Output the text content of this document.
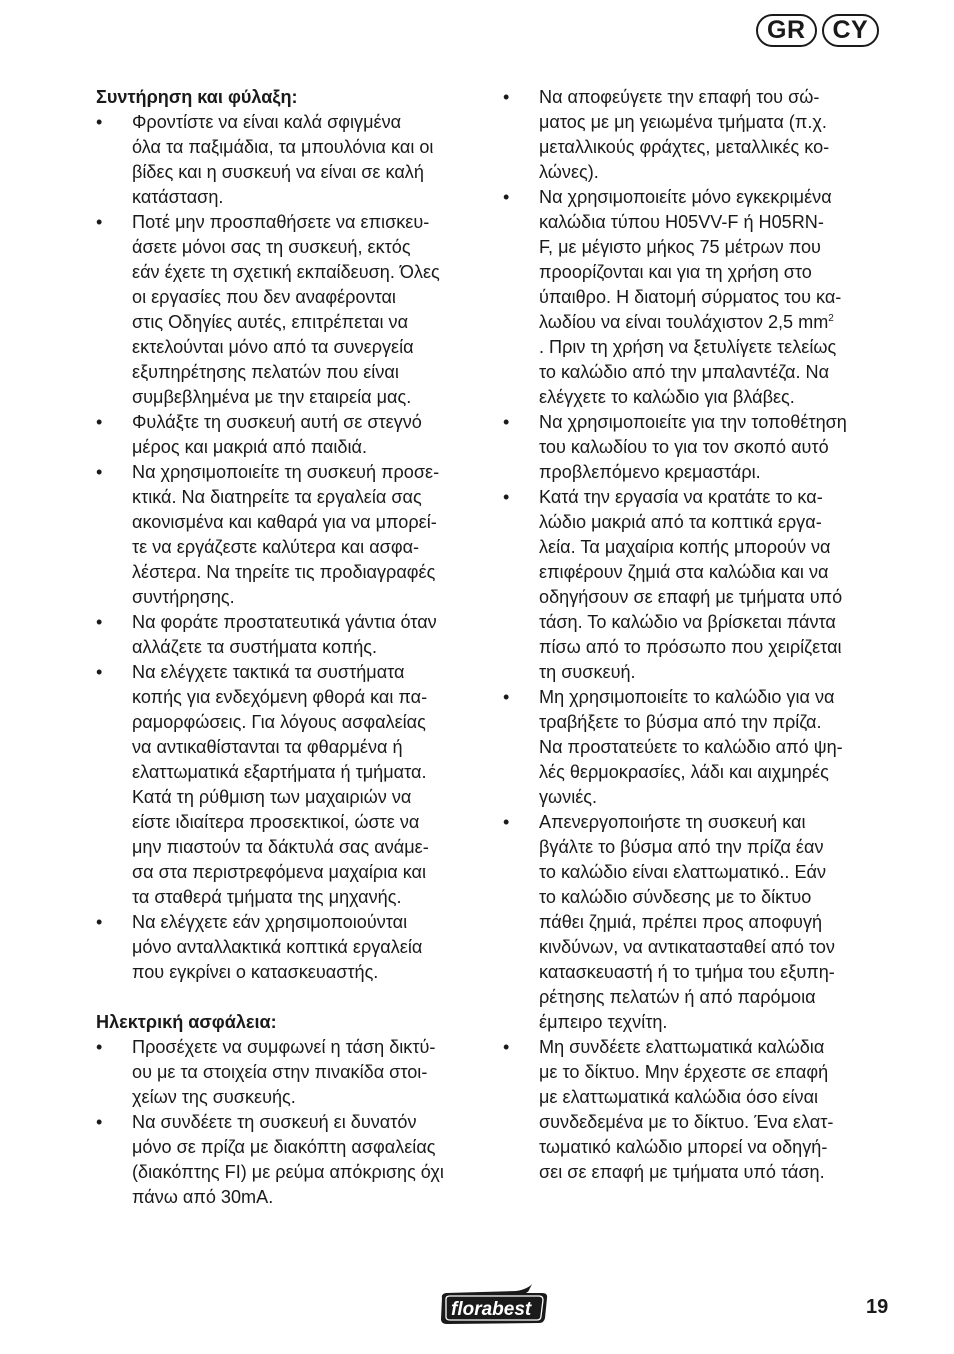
GR	CY

Συντήρηση και φύλαξη:

•	Φροντίστε να είναι καλά σφιγμένα
όλα τα παξιμάδια, τα μπουλόνια και οι
βίδες και η συσκευή να είναι σε καλή
κατάσταση.
•	Ποτέ μην προσπαθήσετε να επισκευ-
άσετε μόνοι σας τη συσκευή, εκτός
εάν έχετε τη σχετική εκπαίδευση. Όλες
οι εργασίες που δεν αναφέρονται
στις Οδηγίες αυτές, επιτρέπεται να
εκτελούνται μόνο από τα συνεργεία
εξυπηρέτησης πελατών που είναι
συμβεβλημένα με την εταιρεία μας.
•	Φυλάξτε τη συσκευή αυτή σε στεγνό
μέρος και μακριά από παιδιά.
•	Να χρησιμοποιείτε τη συσκευή προσε-
κτικά. Να διατηρείτε τα εργαλεία σας
ακονισμένα και καθαρά για να μπορεί-
τε να εργάζεστε καλύτερα και ασφα-
λέστερα. Να τηρείτε τις προδιαγραφές
συντήρησης.
•	Να φοράτε προστατευτικά γάντια όταν
αλλάζετε τα συστήματα κοπής.
•	Να ελέγχετε τακτικά τα συστήματα
κοπής για ενδεχόμενη φθορά και πα-
ραμορφώσεις. Για λόγους ασφαλείας
να αντικαθίστανται τα φθαρμένα ή
ελαττωματικά εξαρτήματα ή τμήματα.
Κατά τη ρύθμιση των μαχαιριών να
είστε ιδιαίτερα προσεκτικοί, ώστε να
μην πιαστούν τα δάκτυλά σας ανάμε-
σα στα περιστρεφόμενα μαχαίρια και
τα σταθερά τμήματα της μηχανής.
•	Να ελέγχετε εάν χρησιμοποιούνται
μόνο ανταλλακτικά κοπτικά εργαλεία
που εγκρίνει ο κατασκευαστής.

Ηλεκτρική ασφάλεια:

•	Προσέχετε να συμφωνεί η τάση δικτύ-
ου με τα στοιχεία στην πινακίδα στοι-
χείων της συσκευής.
•	Να συνδέετε τη συσκευή ει δυνατόν
μόνο σε πρίζα με διακόπτη ασφαλείας
(διακόπτης FI) με ρεύμα απόκρισης όχι
πάνω από 30mA.
•	Να αποφεύγετε την επαφή του σώ-
ματος με μη γειωμένα τμήματα (π.χ.
μεταλλικούς φράχτες, μεταλλικές κο-
λώνες).
•	Να χρησιμοποιείτε μόνο εγκεκριμένα
καλώδια τύπου H05VV-F ή H05RN-
F, με μέγιστο μήκος 75 μέτρων που
προορίζονται και για τη χρήση στο
ύπαιθρο. Η διατομή σύρματος του κα-
λωδίου να είναι τουλάχιστον 2,5 $mm^2$
. Πριν τη χρήση να ξετυλίγετε τελείως
το καλώδιο από την μπαλαντέζα. Να
ελέγχετε το καλώδιο για βλάβες.
•	Να χρησιμοποιείτε για την τοποθέτηση
του καλωδίου το για τον σκοπό αυτό
προβλεπόμενο κρεμαστάρι.
•	Κατά την εργασία να κρατάτε το κα-
λώδιο μακριά από τα κοπτικά εργα-
λεία. Τα μαχαίρια κοπής μπορούν να
επιφέρουν ζημιά στα καλώδια και να
οδηγήσουν σε επαφή με τμήματα υπό
τάση. Το καλώδιο να βρίσκεται πάντα
πίσω από το πρόσωπο που χειρίζεται
τη συσκευή.
•	Μη χρησιμοποιείτε το καλώδιο για να
τραβήξετε το βύσμα από την πρίζα.
Να προστατεύετε το καλώδιο από ψη-
λές θερμοκρασίες, λάδι και αιχμηρές
γωνιές.
•	Απενεργοποιήστε τη συσκευή και
βγάλτε το βύσμα από την πρίζα έαν
το καλώδιο είναι ελαττωματικό.. Εάν
το καλώδιο σύνδεσης με το δίκτυο
πάθει ζημιά, πρέπει προς αποφυγή
κινδύνων, να αντικατασταθεί από τον
κατασκευαστή ή το τμήμα του εξυπη-
ρέτησης πελατών ή από παρόμοια
έμπειρο τεχνίτη.
•	Μη συνδέετε ελαττωματικά καλώδια
με το δίκτυο. Μην έρχεστε σε επαφή
με ελαττωματικά καλώδια όσο είναι
συνδεδεμένα με το δίκτυο. Ένα ελατ-
τωματικό καλώδιο μπορεί να οδηγή-
σει σε επαφή με τμήματα υπό τάση.
florabest	19
